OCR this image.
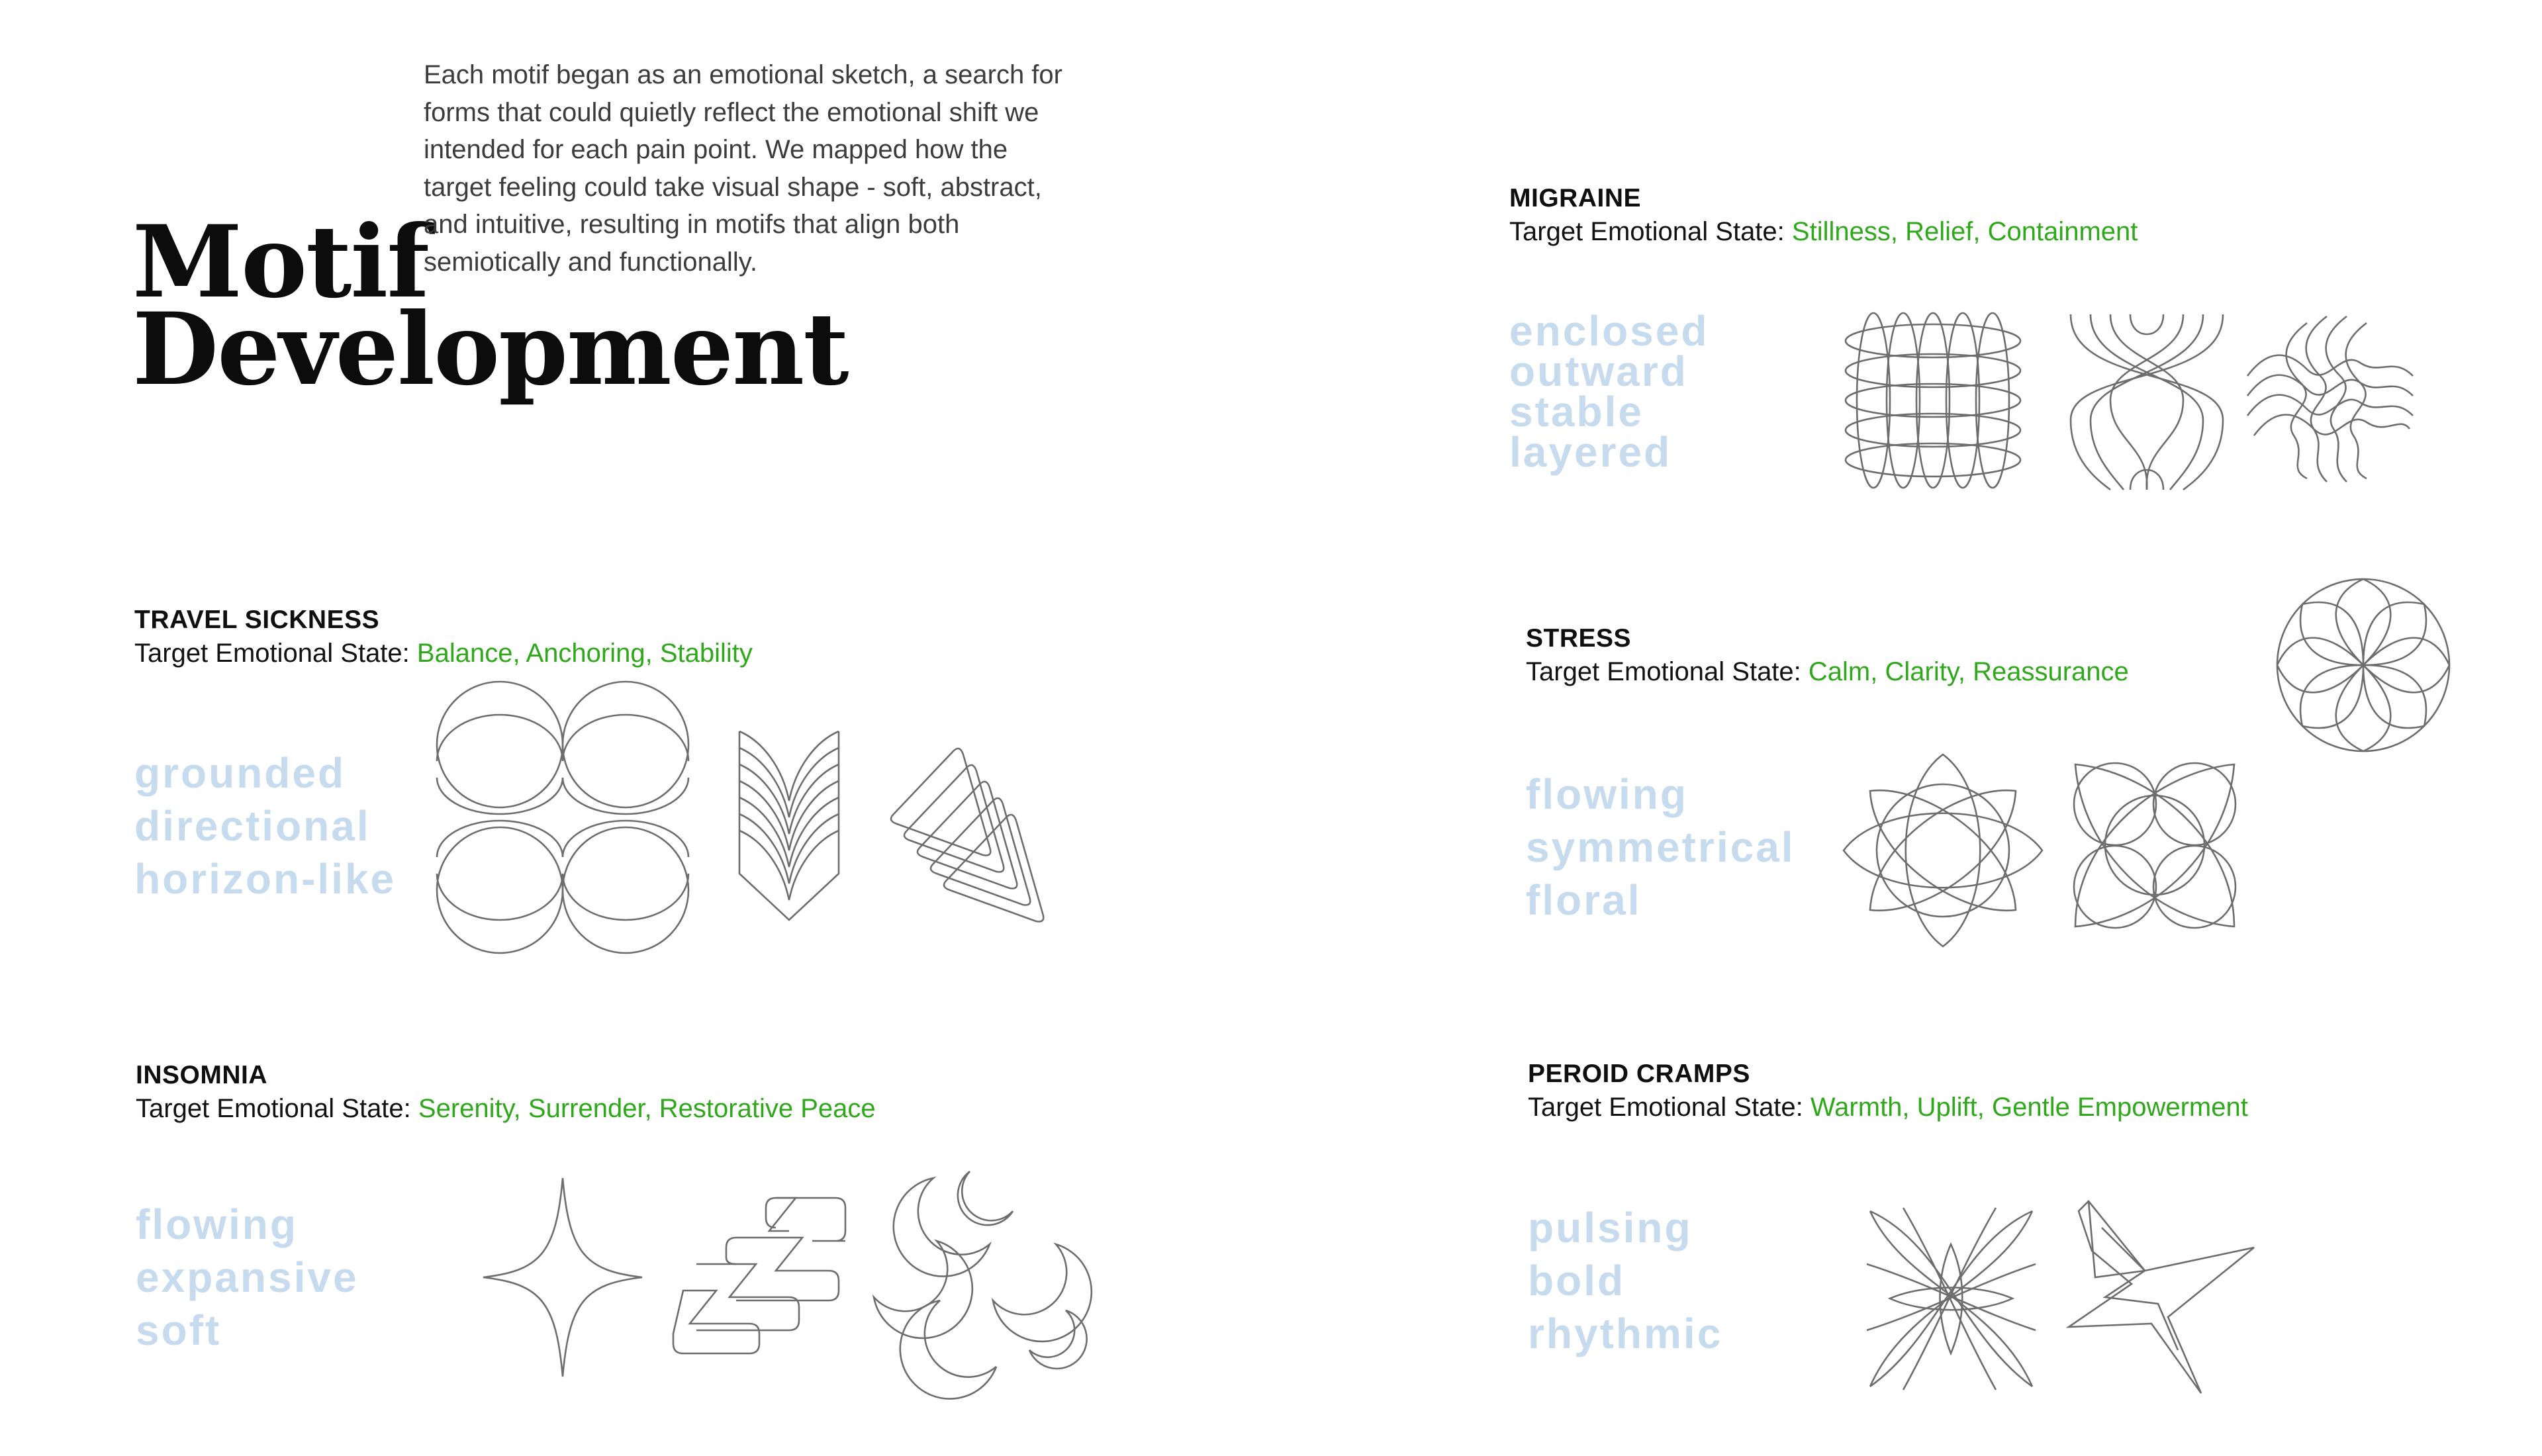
Motif
Development
Each motif began as an emotional sketch, a search for forms that could quietly reflect the emotional shift we intended for each pain point. We mapped how the target feeling could take visual shape - soft, abstract, and intuitive, resulting in motifs that align both semiotically and functionally.
MIGRAINE
Target Emotional State: Stillness, Relief, Containment
enclosed
outward
stable
layered
TRAVEL SICKNESS
Target Emotional State: Balance, Anchoring, Stability
grounded
directional
horizon-like
STRESS
Target Emotional State: Calm, Clarity, Reassurance
flowing
symmetrical
floral
INSOMNIA
Target Emotional State: Serenity, Surrender, Restorative Peace
flowing
expansive
soft
PEROID CRAMPS
Target Emotional State: Warmth, Uplift, Gentle Empowerment
pulsing
bold
rhythmic
